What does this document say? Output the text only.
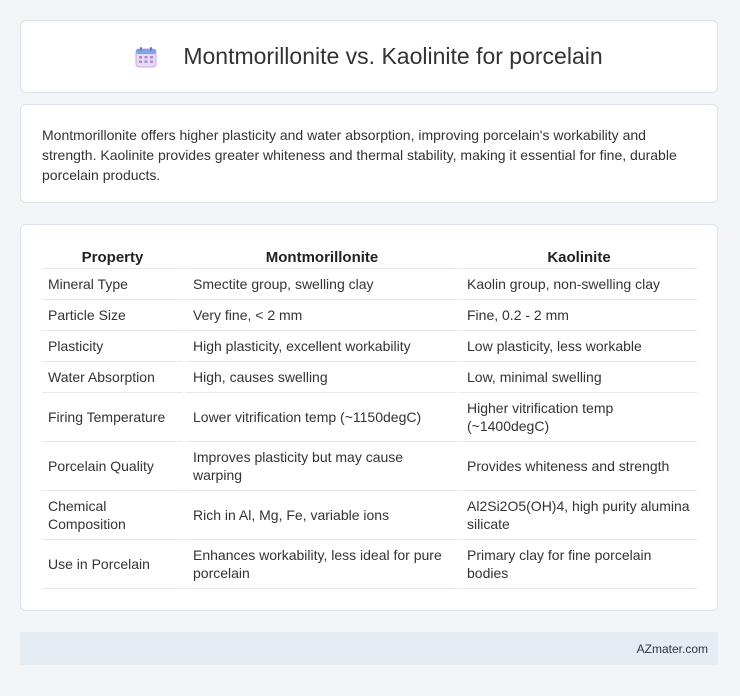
Montmorillonite vs. Kaolinite for porcelain

Montmorillonite offers higher plasticity and water absorption, improving porcelain's workability and strength. Kaolinite provides greater whiteness and thermal stability, making it essential for fine, durable porcelain products.

Property	Montmorillonite	Kaolinite
Mineral Type	Smectite group, swelling clay	Kaolin group, non-swelling clay
Particle Size	Very fine, < 2 mm	Fine, 0.2 - 2 mm
Plasticity	High plasticity, excellent workability	Low plasticity, less workable
Water Absorption	High, causes swelling	Low, minimal swelling
Firing Temperature	Lower vitrification temp (~1150degC)	Higher vitrification temp (~1400degC)
Porcelain Quality	Improves plasticity but may cause warping	Provides whiteness and strength
Chemical Composition	Rich in Al, Mg, Fe, variable ions	Al2Si2O5(OH)4, high purity alumina silicate
Use in Porcelain	Enhances workability, less ideal for pure porcelain	Primary clay for fine porcelain bodies
AZmater.com
